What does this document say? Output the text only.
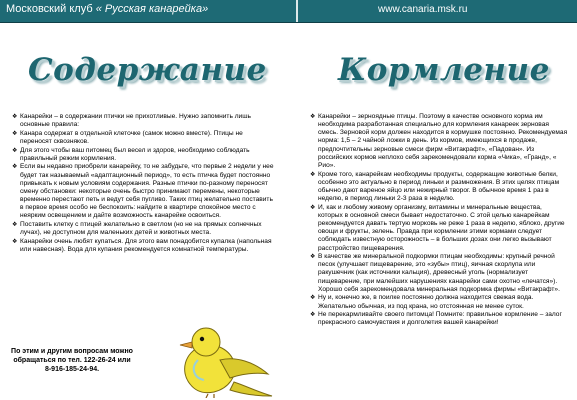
Московский клуб « Русская канарейка»	www.canaria.msk.ru
Содержание Кормление

❖ Канарейки – в содержании птички не прихотливые. Нужно запомнить лишь основные правила:

❖ Канара содержат в отдельной клеточке (самок можно вместе). Птицы не переносят сквозняков.

❖ Для этого чтобы ваш питомец был весел и здоров, необходимо соблюдать правильный режим кормления.

❖ Если вы недавно приобрели канарейку, то не забудьте, что первые 2 недели у нее будет так называемый «адаптационный период», то есть птичка будет постоянно привыкать к новым условиям содержания. Разные птички по-разному переносят смену обстановки: некоторые очень быстро принимают перемены, некоторые временно перестают петь и ведут себя пугливо. Таких птиц желательно поставить в первое время особо не беспокоить: найдите в квартире спокойное место с неярким освещением и дайте возможность канарейке освоиться.

❖ Поставить клетку с птицей желательно в светлом (но не на прямых солнечных лучах), не доступном для маленьких детей и животных места.

❖ Канарейки очень любят купаться. Для этого вам понадобится купалка (напольная или навесная). Вода для купания рекомендуется комнатной температуры.

❖ Канарейки – зерноядные птицы. Поэтому в качестве основного корма им необходима разработанная специально для кормления канареек зерновая смесь. Зерновой корм должен находится в кормушке постоянно. Рекомендуемая норма: 1,5 – 2 чайной ложки в день. Из кормов, имеющихся в продаже, предпочтительны зерновые смеси фирм «Витакрафт», «Падован». Из российских кормов неплохо себя зарекомендовали корма «Чика», «Гранд», « Рио».

❖ Кроме того, канарейкам необходимы продукты, содержащие животные белки, особенно это актуально в период линьки и размножения. В этих целях птицам обычно дают вареное яйцо или нежирный творог. В обычное время 1 раз в неделю, в период линьки 2-3 раза в неделю.

❖ И, как и любому живому организму, витамины и минеральные вещества, которых в основной смеси бывает недостаточно. С этой целью канарейкам рекомендуется давать тертую морковь не реже 1 раза в неделю, яблоко, другие овощи и фрукты, зелень. Правда при кормлении этими кормами следует соблюдать известную осторожность – в больших дозах они легко вызывают расстройство пищеварения.

❖ В качестве же минеральной подкормки птицам необходимы: крупный речной песок (улучшает пищеварение, это «зубы» птиц), яичная скорлупа или ракушечник (как источники кальция), древесный уголь (нормализует пищеварение, при малейших нарушениях канарейки сами охотно «лечатся»). Хорошо себя зарекомендовала минеральная подкормка фирмы «Витакрафт».

❖ Ну и, конечно же, в поилке постоянно должна находится свежая вода. Желательно обычная, из под крана, но отстоянная не менее суток.

❖ Не перекармливайте своего питомца! Помните: правильное кормление – залог прекрасного самочувствия и долголетия вашей канарейки!

По этим и другим вопросам можно
обращаться по тел. 122-26-24 или
8-916-185-24-94.
